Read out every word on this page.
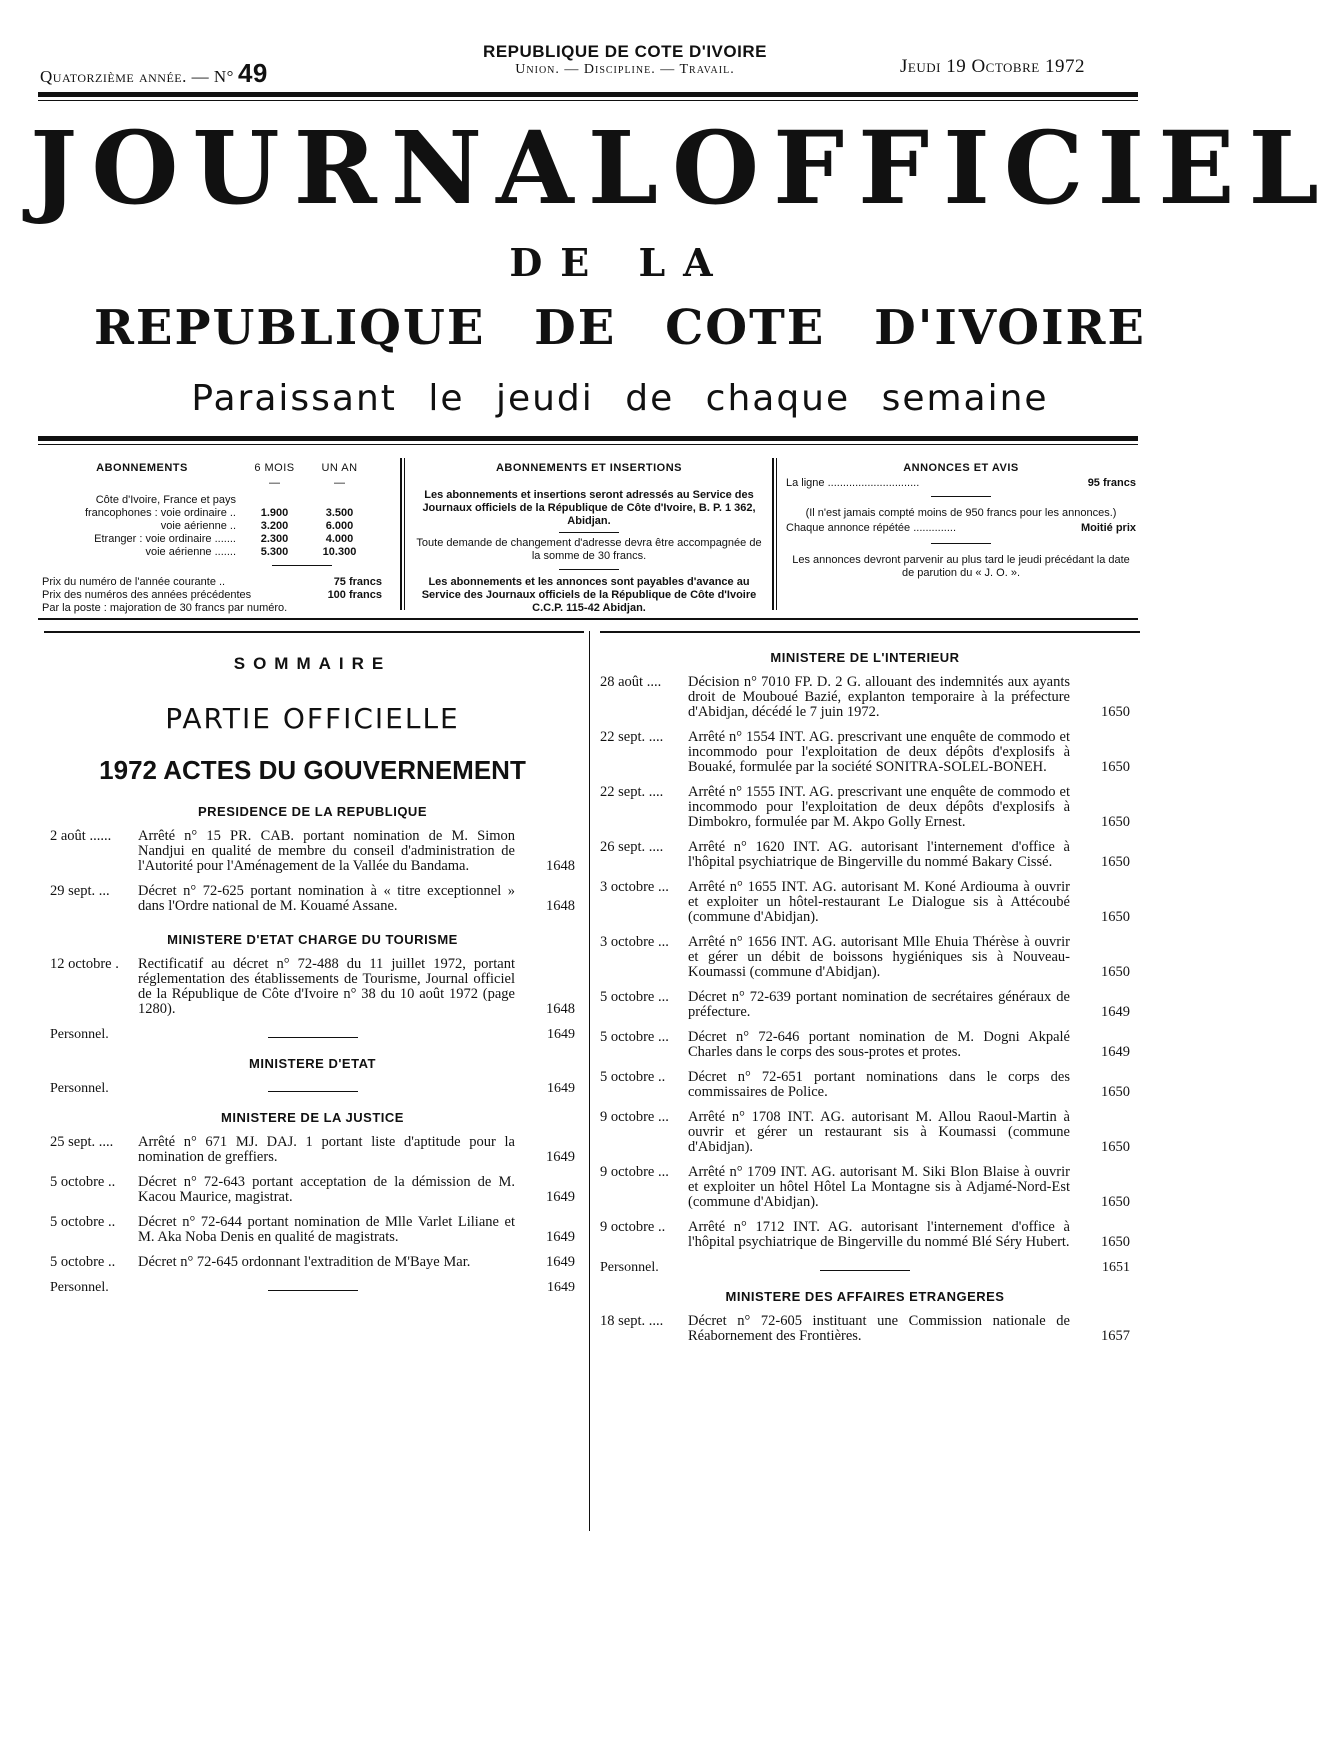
Quatorzième année. — N° 49
REPUBLIQUE DE COTE D'IVOIRE
Union. — Discipline. — Travail.	Jeudi 19 Octobre 1972
JOURNAL OFFICIEL
DE LA
REPUBLIQUE DE COTE D'IVOIRE
Paraissant le jeudi de chaque semaine
ABONNEMENTS	6 MOIS	UN AN
—	—
Côte d'Ivoire, France et pays
francophones : voie ordinaire ..	1.900	3.500
voie aérienne ..	3.200	6.000
Etranger : voie ordinaire .......	2.300	4.000
voie aérienne .......	5.300	10.300
Prix du numéro de l'année courante ..	75 francs
Prix des numéros des années précédentes	100 francs
Par la poste : majoration de 30 francs par numéro.
ABONNEMENTS ET INSERTIONS
Les abonnements et insertions seront adressés au Service des Journaux officiels de la République de Côte d'Ivoire, B. P. 1 362, Abidjan.
Toute demande de changement d'adresse devra être accompagnée de la somme de 30 francs.
Les abonnements et les annonces sont payables d'avance au Service des Journaux officiels de la République de Côte d'Ivoire C.C.P. 115-42 Abidjan.
ANNONCES ET AVIS
La ligne ..............................	95 francs
(Il n'est jamais compté moins de 950 francs pour les annonces.)
Chaque annonce répétée ..............	Moitié prix
Les annonces devront parvenir au plus tard le jeudi précédant la date de parution du « J. O. ».
SOMMAIRE
PARTIE OFFICIELLE
1972 ACTES DU GOUVERNEMENT
PRESIDENCE DE LA REPUBLIQUE
2 août ......	Arrêté n° 15 PR. CAB. portant nomination de M. Simon Nandjui en qualité de membre du conseil d'administration de l'Autorité pour l'Aménagement de la Vallée du Bandama.	1648
29 sept. ...	Décret n° 72-625 portant nomination à « titre exceptionnel » dans l'Ordre national de M. Kouamé Assane.	1648
MINISTERE D'ETAT CHARGE DU TOURISME
12 octobre .	Rectificatif au décret n° 72-488 du 11 juillet 1972, portant réglementation des établissements de Tourisme, Journal officiel de la République de Côte d'Ivoire n° 38 du 10 août 1972 (page 1280).	1648
Personnel.	1649
MINISTERE D'ETAT
Personnel.	1649
MINISTERE DE LA JUSTICE
25 sept. ....	Arrêté n° 671 MJ. DAJ. 1 portant liste d'aptitude pour la nomination de greffiers.	1649
5 octobre ..	Décret n° 72-643 portant acceptation de la démission de M. Kacou Maurice, magistrat.	1649
5 octobre ..	Décret n° 72-644 portant nomination de Mlle Varlet Liliane et M. Aka Noba Denis en qualité de magistrats.	1649
5 octobre ..	Décret n° 72-645 ordonnant l'extradition de M'Baye Mar.	1649
Personnel.	1649
MINISTERE DE L'INTERIEUR
28 août ....	Décision n° 7010 FP. D. 2 G. allouant des indemnités aux ayants droit de Mouboué Bazié, explanton temporaire à la préfecture d'Abidjan, décédé le 7 juin 1972.	1650
22 sept. ....	Arrêté n° 1554 INT. AG. prescrivant une enquête de commodo et incommodo pour l'exploitation de deux dépôts d'explosifs à Bouaké, formulée par la société SONITRA-SOLEL-BONEH.	1650
22 sept. ....	Arrêté n° 1555 INT. AG. prescrivant une enquête de commodo et incommodo pour l'exploitation de deux dépôts d'explosifs à Dimbokro, formulée par M. Akpo Golly Ernest.	1650
26 sept. ....	Arrêté n° 1620 INT. AG. autorisant l'internement d'office à l'hôpital psychiatrique de Bingerville du nommé Bakary Cissé.	1650
3 octobre ...	Arrêté n° 1655 INT. AG. autorisant M. Koné Ardiouma à ouvrir et exploiter un hôtel-restaurant Le Dialogue sis à Attécoubé (commune d'Abidjan).	1650
3 octobre ...	Arrêté n° 1656 INT. AG. autorisant Mlle Ehuia Thérèse à ouvrir et gérer un débit de boissons hygiéniques sis à Nouveau-Koumassi (commune d'Abidjan).	1650
5 octobre ...	Décret n° 72-639 portant nomination de secrétaires généraux de préfecture.	1649
5 octobre ...	Décret n° 72-646 portant nomination de M. Dogni Akpalé Charles dans le corps des sous-protes et protes.	1649
5 octobre ..	Décret n° 72-651 portant nominations dans le corps des commissaires de Police.	1650
9 octobre ...	Arrêté n° 1708 INT. AG. autorisant M. Allou Raoul-Martin à ouvrir et gérer un restaurant sis à Koumassi (commune d'Abidjan).	1650
9 octobre ...	Arrêté n° 1709 INT. AG. autorisant M. Siki Blon Blaise à ouvrir et exploiter un hôtel Hôtel La Montagne sis à Adjamé-Nord-Est (commune d'Abidjan).	1650
9 octobre ..	Arrêté n° 1712 INT. AG. autorisant l'internement d'office à l'hôpital psychiatrique de Bingerville du nommé Blé Séry Hubert.	1650
Personnel.	1651
MINISTERE DES AFFAIRES ETRANGERES
18 sept. ....	Décret n° 72-605 instituant une Commission nationale de Réabornement des Frontières.	1657
